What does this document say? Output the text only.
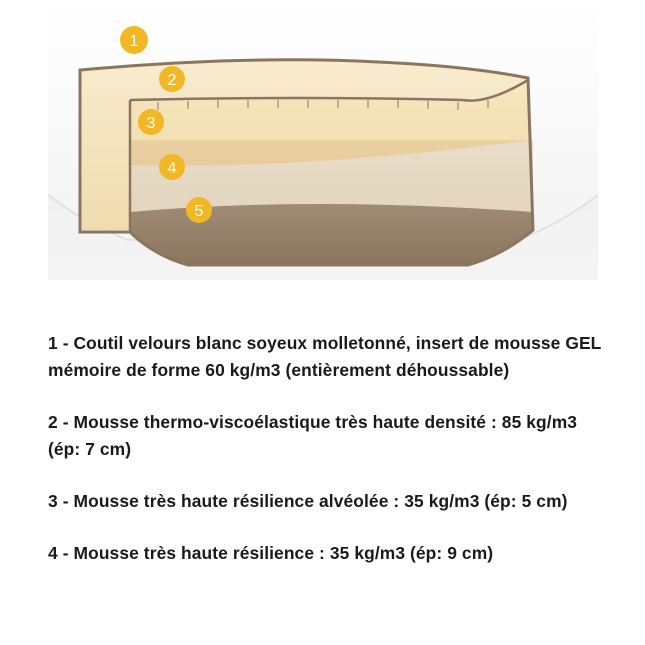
1
2
3
4
5

1 - Coutil velours blanc soyeux molletonné, insert de mousse GEL mémoire de forme 60 kg/m3 (entièrement déhoussable)

2 - Mousse thermo-viscoélastique très haute densité : 85 kg/m3 (ép: 7 cm)

3 - Mousse très haute résilience alvéolée : 35 kg/m3 (ép: 5 cm)

4 - Mousse très haute résilience : 35 kg/m3 (ép: 9 cm)
